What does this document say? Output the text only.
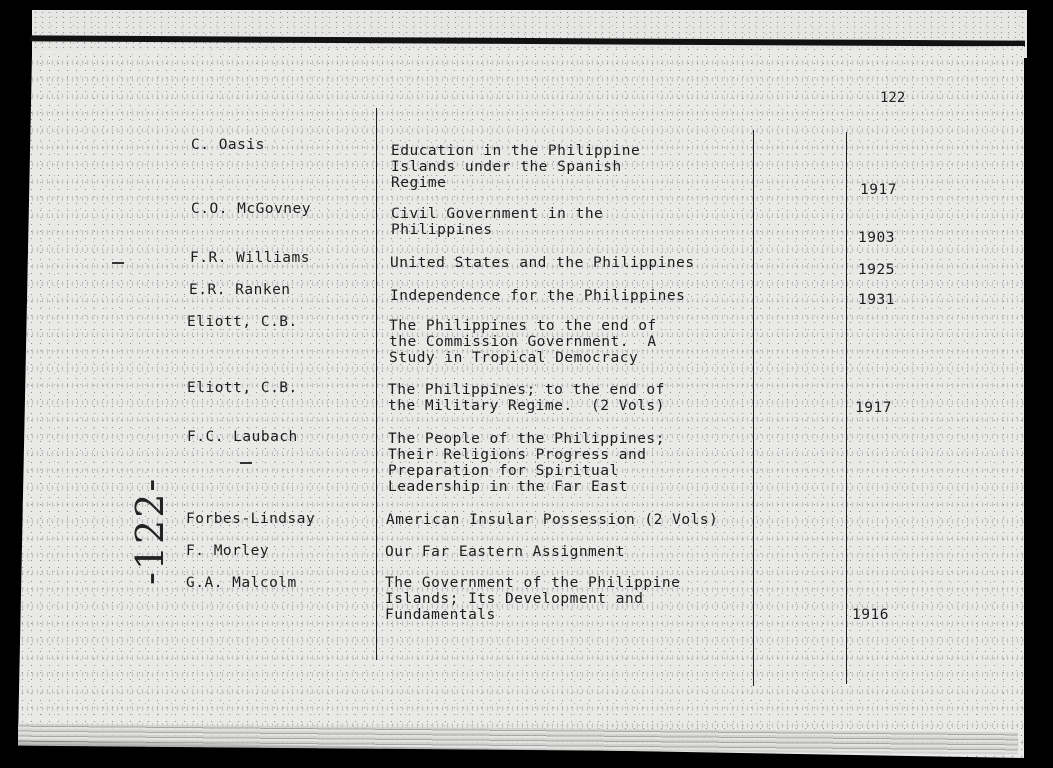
122
-122-
C. Oasis	Education in the Philippine
Islands under the Spanish
Regime	1917
C.O. McGovney	Civil Government in the
Philippines	1903
F.R. Williams	United States and the Philippines	1925
E.R. Ranken	Independence for the Philippines	1931
Eliott, C.B.	The Philippines to the end of
the Commission Government.  A
Study in Tropical Democracy
Eliott, C.B.	The Philippines; to the end of
the Military Regime.  (2 Vols)	1917
F.C. Laubach	The People of the Philippines;
Their Religions Progress and
Preparation for Spiritual
Leadership in the Far East
Forbes-Lindsay	American Insular Possession (2 Vols)
F. Morley	Our Far Eastern Assignment
G.A. Malcolm	The Government of the Philippine
Islands; Its Development and
Fundamentals	1916
